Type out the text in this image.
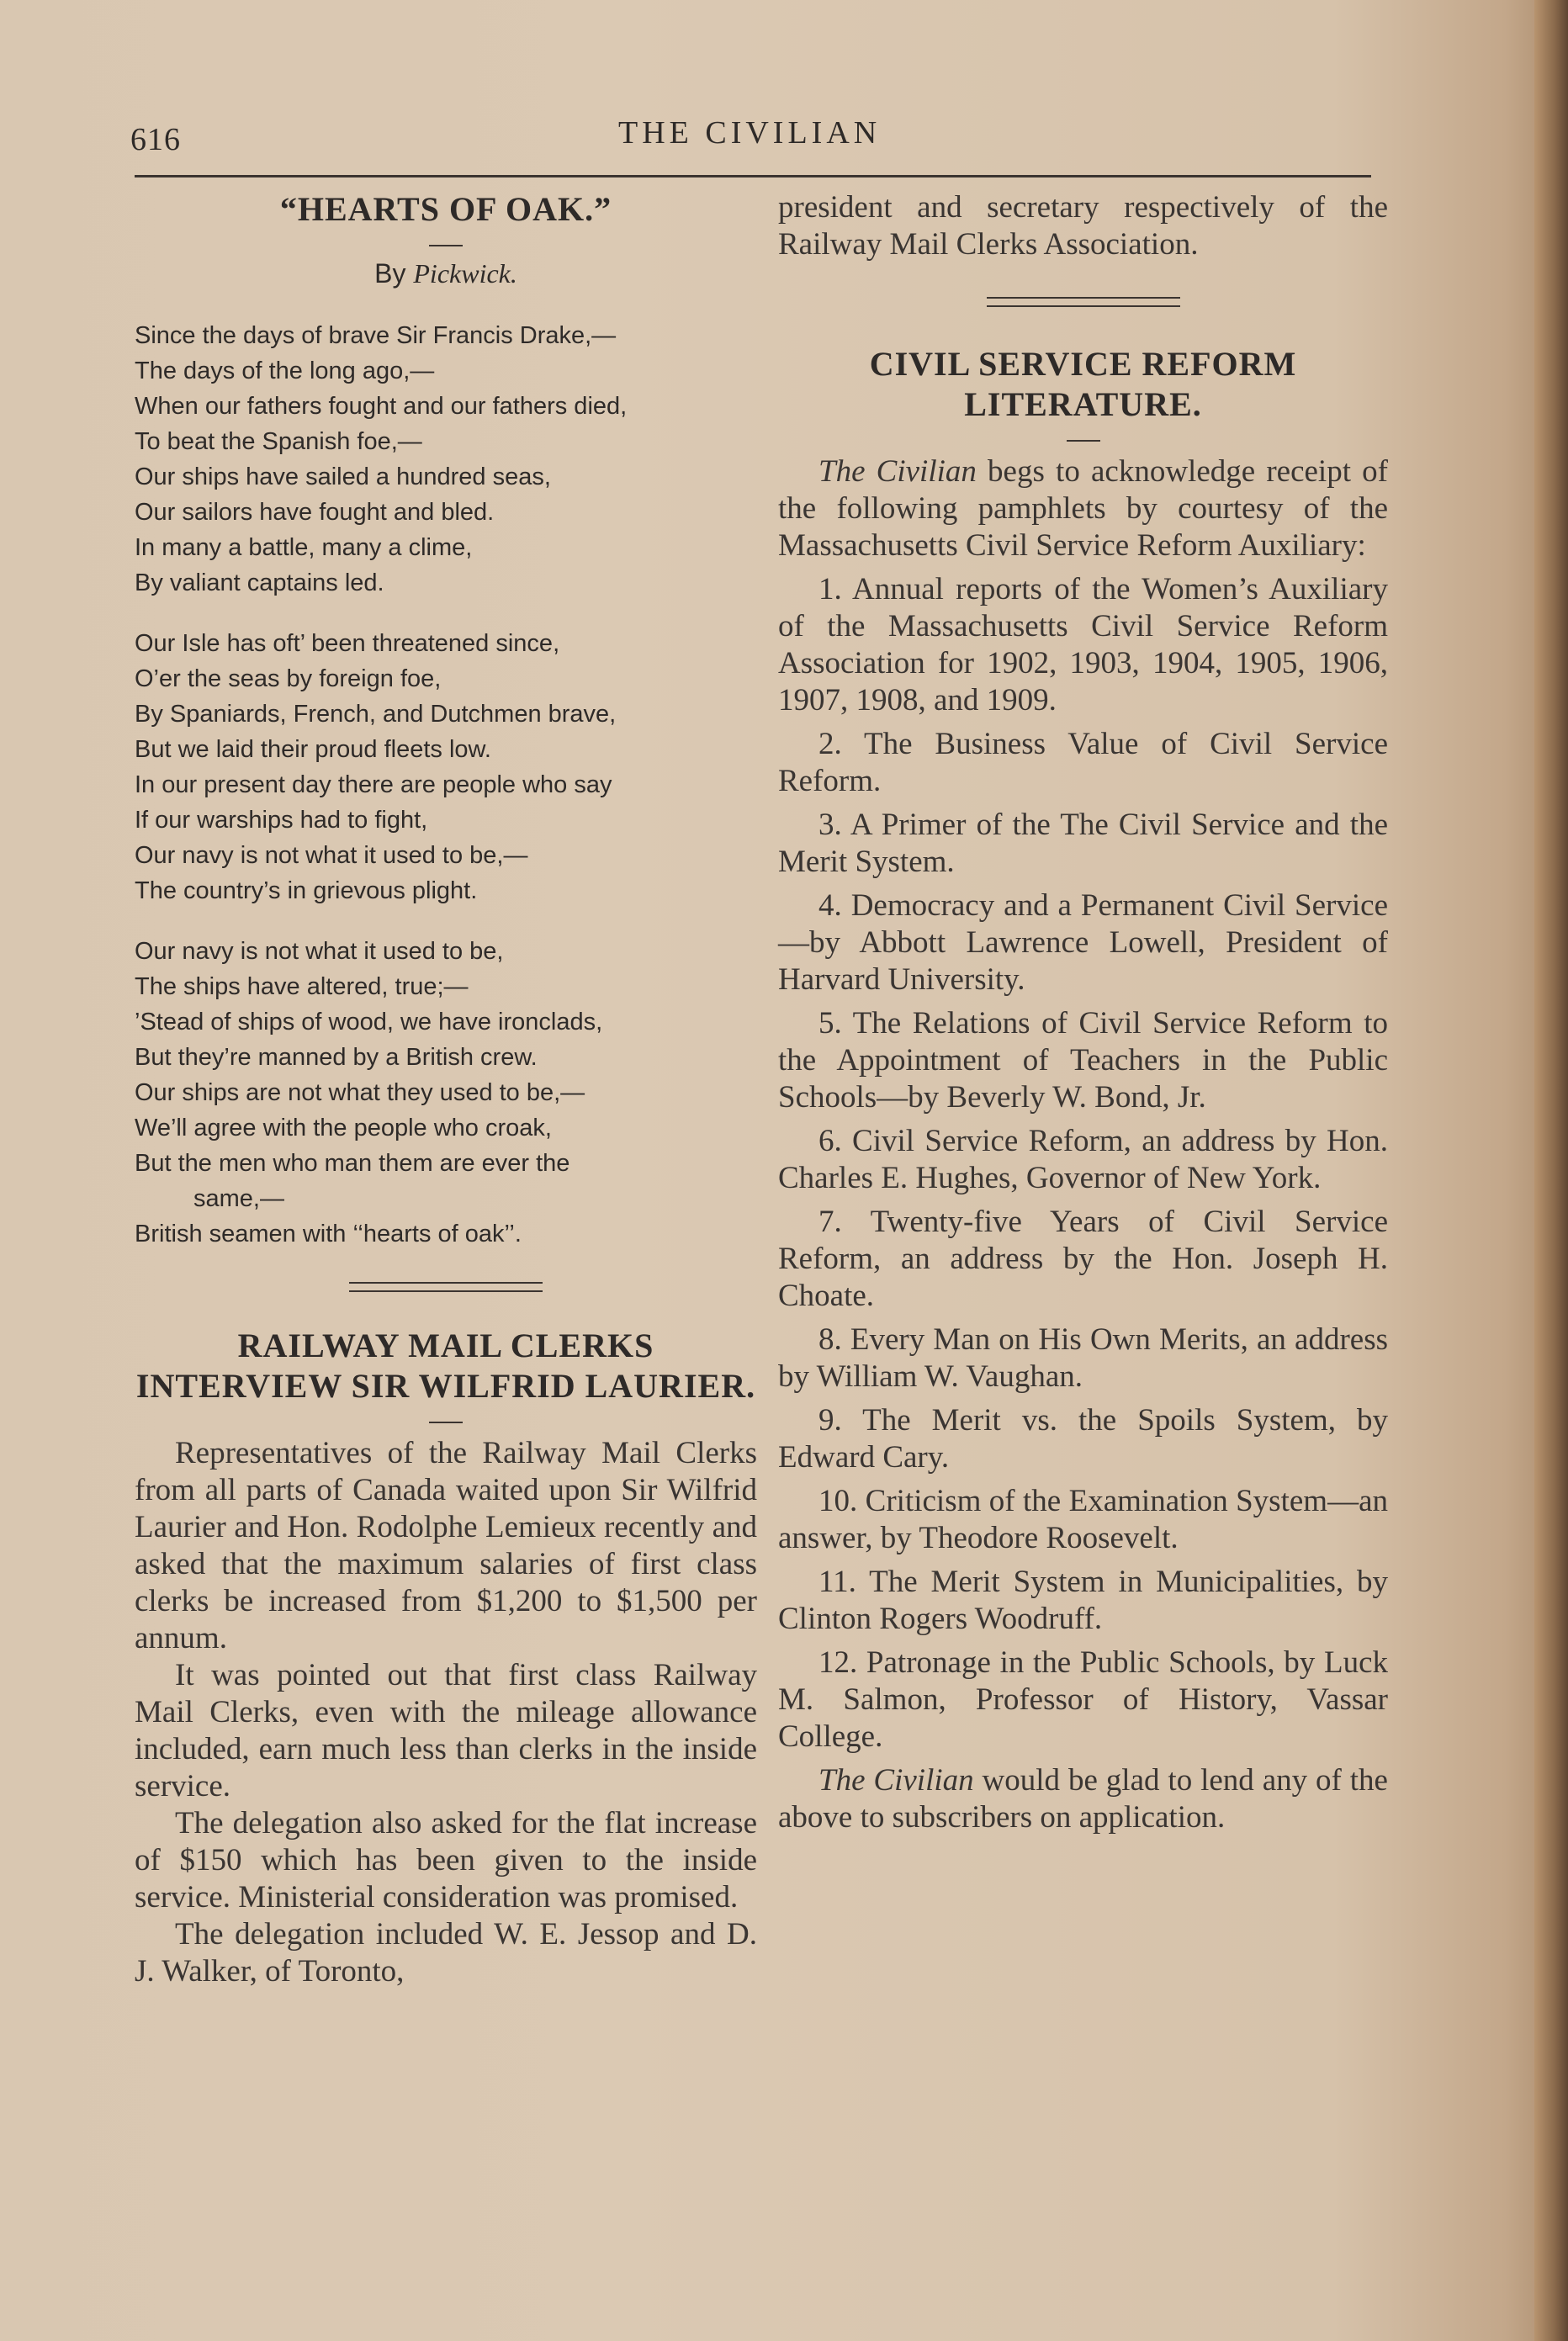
616	THE CIVILIAN
“HEARTS OF OAK.”

By Pickwick.

Since the days of brave Sir Francis Drake,—
The days of the long ago,—
When our fathers fought and our fathers died,
To beat the Spanish foe,—
Our ships have sailed a hundred seas,
Our sailors have fought and bled.
In many a battle, many a clime,
By valiant captains led.
Our Isle has oft’ been threatened since,
O’er the seas by foreign foe,
By Spaniards, French, and Dutchmen brave,
But we laid their proud fleets low.
In our present day there are people who say
If our warships had to fight,
Our navy is not what it used to be,—
The country’s in grievous plight.
Our navy is not what it used to be,
The ships have altered, true;—
’Stead of ships of wood, we have ironclads,
But they’re manned by a British crew.
Our ships are not what they used to be,—
We’ll agree with the people who croak,
But the men who man them are ever the
same,—
British seamen with ‘‘hearts of oak’’.
RAILWAY MAIL CLERKS INTERVIEW SIR WILFRID LAURIER.

Representatives of the Railway Mail Clerks from all parts of Canada waited upon Sir Wilfrid Laurier and Hon. Rodolphe Lemieux recently and asked that the maximum salaries of first class clerks be increased from $1,200 to $1,500 per annum.

It was pointed out that first class Railway Mail Clerks, even with the mileage allowance included, earn much less than clerks in the inside service.

The delegation also asked for the flat increase of $150 which has been given to the inside service. Ministerial consideration was promised.

The delegation included W. E. Jessop and D. J. Walker, of Toronto,

president and secretary respectively of the Railway Mail Clerks Association.

CIVIL SERVICE REFORM LITERATURE.

The Civilian begs to acknowledge receipt of the following pamphlets by courtesy of the Massachusetts Civil Service Reform Auxiliary:

1. Annual reports of the Women’s Auxiliary of the Massachusetts Civil Service Reform Association for 1902, 1903, 1904, 1905, 1906, 1907, 1908, and 1909.

2. The Business Value of Civil Service Reform.

3. A Primer of the The Civil Service and the Merit System.

4. Democracy and a Permanent Civil Service—by Abbott Lawrence Lowell, President of Harvard University.

5. The Relations of Civil Service Reform to the Appointment of Teachers in the Public Schools—by Beverly W. Bond, Jr.

6. Civil Service Reform, an address by Hon. Charles E. Hughes, Governor of New York.

7. Twenty-five Years of Civil Service Reform, an address by the Hon. Joseph H. Choate.

8. Every Man on His Own Merits, an address by William W. Vaughan.

9. The Merit vs. the Spoils System, by Edward Cary.

10. Criticism of the Examination System—an answer, by Theodore Roosevelt.

11. The Merit System in Municipalities, by Clinton Rogers Woodruff.

12. Patronage in the Public Schools, by Luck M. Salmon, Professor of History, Vassar College.

The Civilian would be glad to lend any of the above to subscribers on application.
